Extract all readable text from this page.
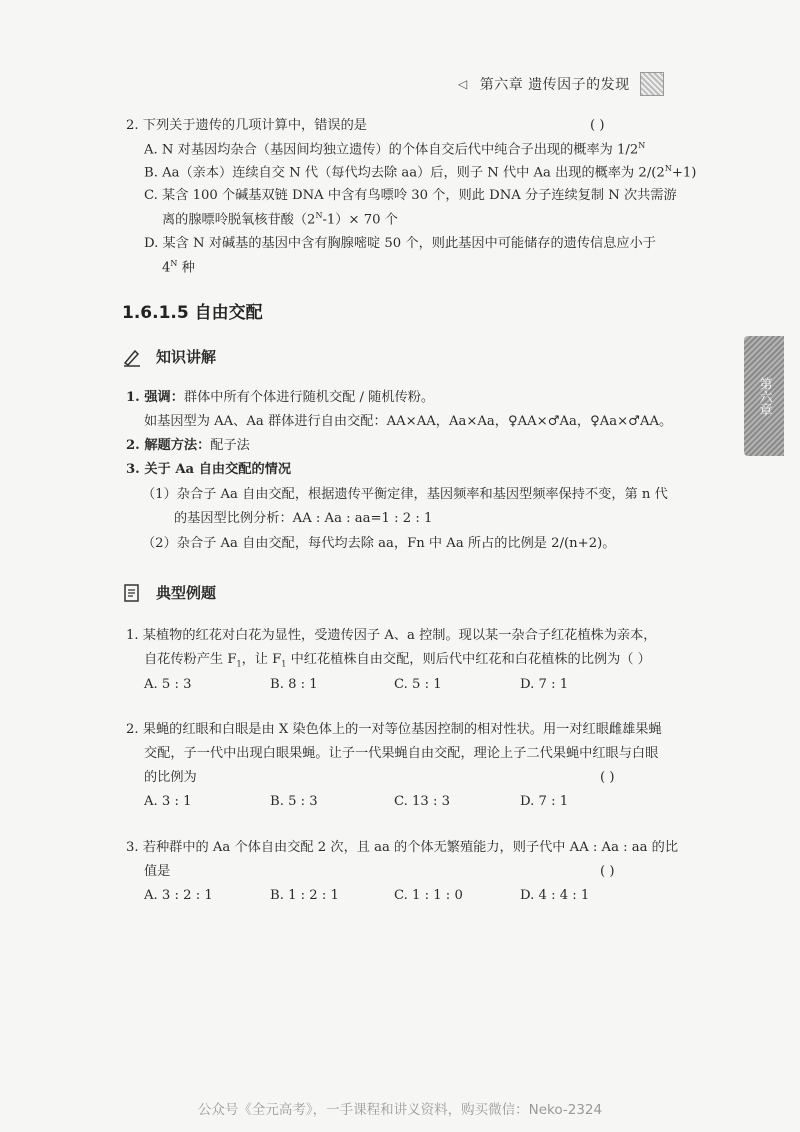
◁ 第六章 遗传因子的发现
第六章
2. 下列关于遗传的几项计算中，错误的是	( )
A. N 对基因均杂合（基因间均独立遗传）的个体自交后代中纯合子出现的概率为 $1/2^N$
B. Aa（亲本）连续自交 N 代（每代均去除 aa）后，则子 N 代中 Aa 出现的概率为 $2/(2^N+1)$
C. 某含 100 个碱基双链 DNA 中含有鸟嘌呤 30 个，则此 DNA 分子连续复制 N 次共需游
离的腺嘌呤脱氧核苷酸$(2^N-1)\times 70$ 个
D. 某含 N 对碱基的基因中含有胸腺嘧啶 50 个，则此基因中可能储存的遗传信息应小于
$4^N$ 种
1.6.1.5 自由交配
知识讲解
1. 强调：群体中所有个体进行随机交配 / 随机传粉。
如基因型为 AA、Aa 群体进行自由交配：AA×AA，Aa×Aa，♀AA×♂Aa，♀Aa×♂AA。
2. 解题方法：配子法
3. 关于 Aa 自由交配的情况
（1）杂合子 Aa 自由交配，根据遗传平衡定律，基因频率和基因型频率保持不变，第 n 代
的基因型比例分析：AA : Aa : aa=1 : 2 : 1
（2）杂合子 Aa 自由交配，每代均去除 aa，Fn 中 Aa 所占的比例是 2/(n+2)。
典型例题
1. 某植物的红花对白花为显性，受遗传因子 A、a 控制。现以某一杂合子红花植株为亲本，
自花传粉产生 $F_1$，让 $F_1$ 中红花植株自由交配，则后代中红花和白花植株的比例为（ ）
A. 5 : 3	B. 8 : 1	C. 5 : 1	D. 7 : 1
2. 果蝇的红眼和白眼是由 X 染色体上的一对等位基因控制的相对性状。用一对红眼雌雄果蝇
交配，子一代中出现白眼果蝇。让子一代果蝇自由交配，理论上子二代果蝇中红眼与白眼
的比例为	( )
A. 3 : 1	B. 5 : 3	C. 13 : 3	D. 7 : 1
3. 若种群中的 Aa 个体自由交配 2 次，且 aa 的个体无繁殖能力，则子代中 AA : Aa : aa 的比
值是	( )
A. 3 : 2 : 1	B. 1 : 2 : 1	C. 1 : 1 : 0	D. 4 : 4 : 1
公众号《全元高考》，一手课程和讲义资料，购买微信：Neko-2324
